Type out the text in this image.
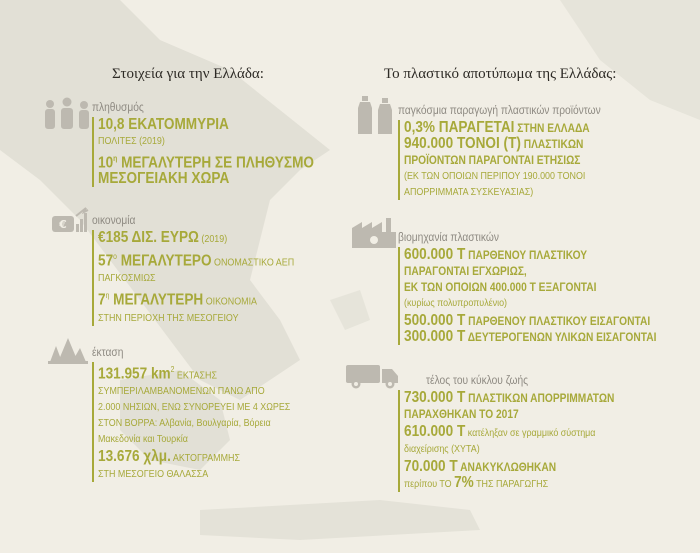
Στοιχεία για την Ελλάδα:	Το πλαστικό αποτύπωμα της Ελλάδας:
πληθυσμός
10,8 ΕΚΑΤΟΜΜΥΡΙΑ
ΠΟΛΙΤΕΣ (2019)
$10^\eta$ ΜΕΓΑΛΥΤΕΡΗ ΣΕ ΠΛΗΘΥΣΜΟ
ΜΕΣΟΓΕΙΑΚΗ ΧΩΡΑ
€ οικονομία
€185 ΔΙΣ. ΕΥΡΩ (2019)
$57^o$ ΜΕΓΑΛΥΤΕΡΟ ΟΝΟΜΑΣΤΙΚΟ ΑΕΠ
ΠΑΓΚΟΣΜΙΩΣ
$7^\eta$ ΜΕΓΑΛΥΤΕΡΗ ΟΙΚΟΝΟΜΙΑ
ΣΤΗΝ ΠΕΡΙΟΧΗ ΤΗΣ ΜΕΣΟΓΕΙΟΥ
έκταση
131.957 $km^2$ ΕΚΤΑΣΗΣ
ΣΥΜΠΕΡΙΛΑΜΒΑΝΟΜΕΝΩΝ ΠΑΝΩ ΑΠΟ
2.000 ΝΗΣΙΩΝ, ΕΝΩ ΣΥΝΟΡΕΥΕΙ ΜΕ 4 ΧΩΡΕΣ
ΣΤΟΝ ΒΟΡΡΑ: Αλβανία, Βουλγαρία, Βόρεια
Μακεδονία και Τουρκία
13.676 χλμ. ΑΚΤΟΓΡΑΜΜΗΣ
ΣΤΗ ΜΕΣΟΓΕΙΟ ΘΑΛΑΣΣΑ
παγκόσμια παραγωγή πλαστικών προϊόντων
0,3% ΠΑΡΑΓΕΤΑΙ ΣΤΗΝ ΕΛΛΑΔΑ
940.000 ΤΟΝΟΙ (Τ) ΠΛΑΣΤΙΚΩΝ
ΠΡΟΪΟΝΤΩΝ ΠΑΡΑΓΟΝΤΑΙ ΕΤΗΣΙΩΣ
(ΕΚ ΤΩΝ ΟΠΟΙΩΝ ΠΕΡΙΠΟΥ 190.000 ΤΟΝΟΙ
ΑΠΟΡΡΙΜΜΑΤΑ ΣΥΣΚΕΥΑΣΙΑΣ)
βιομηχανία πλαστικών
600.000 Τ ΠΑΡΘΕΝΟΥ ΠΛΑΣΤΙΚΟΥ
ΠΑΡΑΓΟΝΤΑΙ ΕΓΧΩΡΙΩΣ,
ΕΚ ΤΩΝ ΟΠΟΙΩΝ 400.000 Τ ΕΞΑΓΟΝΤΑΙ
(κυρίως πολυπροπυλένιο)
500.000 Τ ΠΑΡΘΕΝΟΥ ΠΛΑΣΤΙΚΟΥ ΕΙΣΑΓΟΝΤΑΙ
300.000 Τ ΔΕΥΤΕΡΟΓΕΝΩΝ ΥΛΙΚΩΝ ΕΙΣΑΓΟΝΤΑΙ
τέλος του κύκλου ζωής
730.000 Τ ΠΛΑΣΤΙΚΩΝ ΑΠΟΡΡΙΜΜΑΤΩΝ
ΠΑΡΑΧΘΗΚΑΝ ΤΟ 2017
610.000 Τ κατέληξαν σε γραμμικό σύστημα
διαχείρισης (ΧΥΤΑ)
70.000 Τ ΑΝΑΚΥΚΛΩΘΗΚΑΝ
περίπου ΤΟ 7% ΤΗΣ ΠΑΡΑΓΩΓΗΣ
